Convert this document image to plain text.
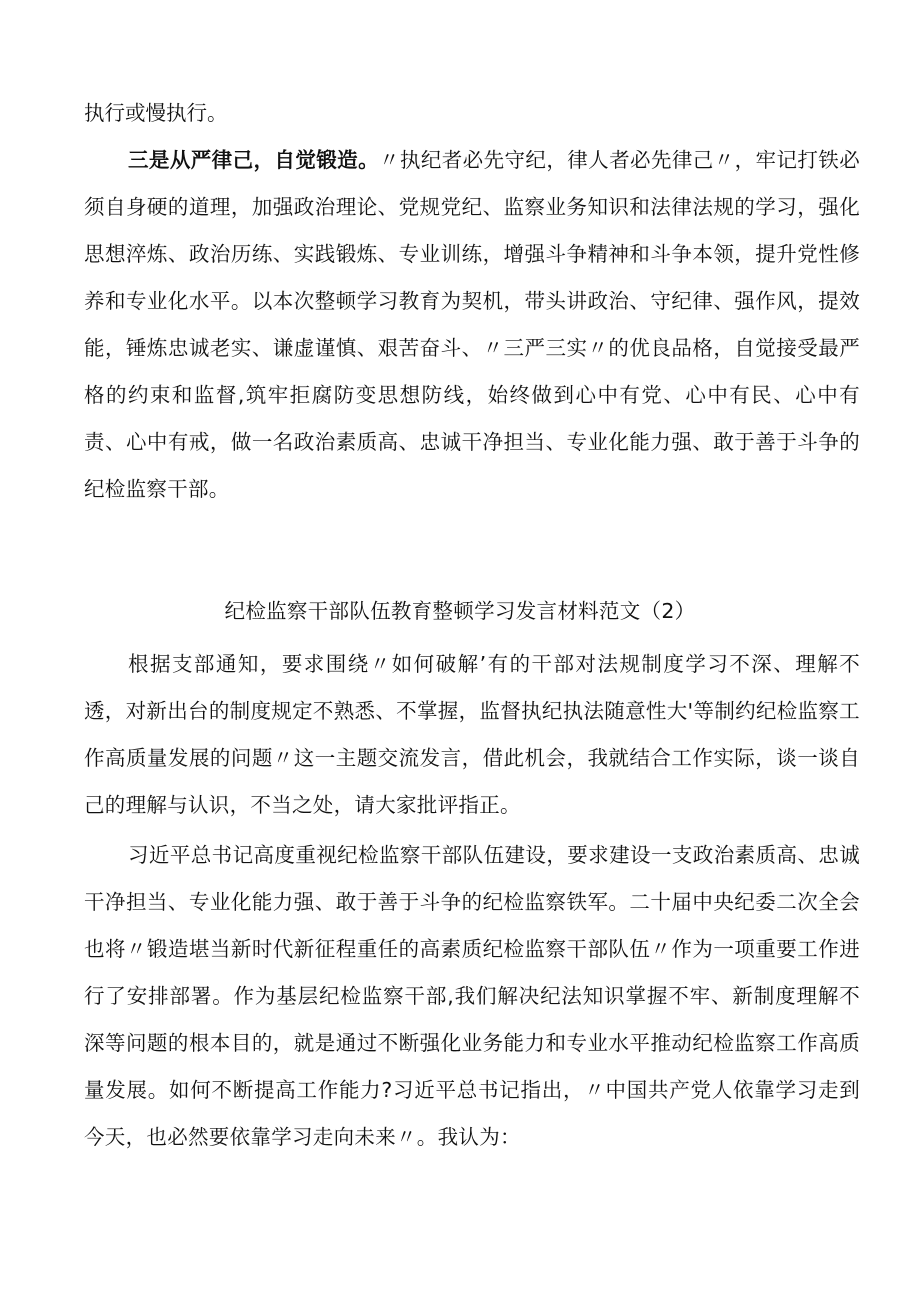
执行或慢执行。
三是从严律己，自觉锻造。〃执纪者必先守纪，律人者必先律己〃，牢记打铁必须自身硬的道理，加强政治理论、党规党纪、监察业务知识和法律法规的学习，强化思想淬炼、政治历练、实践锻炼、专业训练，增强斗争精神和斗争本领，提升党性修养和专业化水平。以本次整顿学习教育为契机，带头讲政治、守纪律、强作风，提效能，锤炼忠诚老实、谦虚谨慎、艰苦奋斗、〃三严三实〃的优良品格，自觉接受最严格的约束和监督,筑牢拒腐防变思想防线，始终做到心中有党、心中有民、心中有责、心中有戒，做一名政治素质高、忠诚干净担当、专业化能力强、敢于善于斗争的纪检监察干部。
纪检监察干部队伍教育整顿学习发言材料范文（2）
根据支部通知，要求围绕〃如何破解’有的干部对法规制度学习不深、理解不透，对新出台的制度规定不熟悉、不掌握，监督执纪执法随意性大'等制约纪检监察工作高质量发展的问题〃这一主题交流发言，借此机会，我就结合工作实际，谈一谈自己的理解与认识，不当之处，请大家批评指正。
习近平总书记高度重视纪检监察干部队伍建设，要求建设一支政治素质高、忠诚干净担当、专业化能力强、敢于善于斗争的纪检监察铁军。二十届中央纪委二次全会也将〃锻造堪当新时代新征程重任的高素质纪检监察干部队伍〃作为一项重要工作进行了安排部署。作为基层纪检监察干部,我们解决纪法知识掌握不牢、新制度理解不深等问题的根本目的，就是通过不断强化业务能力和专业水平推动纪检监察工作高质量发展。如何不断提高工作能力?习近平总书记指出，〃中国共产党人依靠学习走到今天，也必然要依靠学习走向未来〃。我认为：
